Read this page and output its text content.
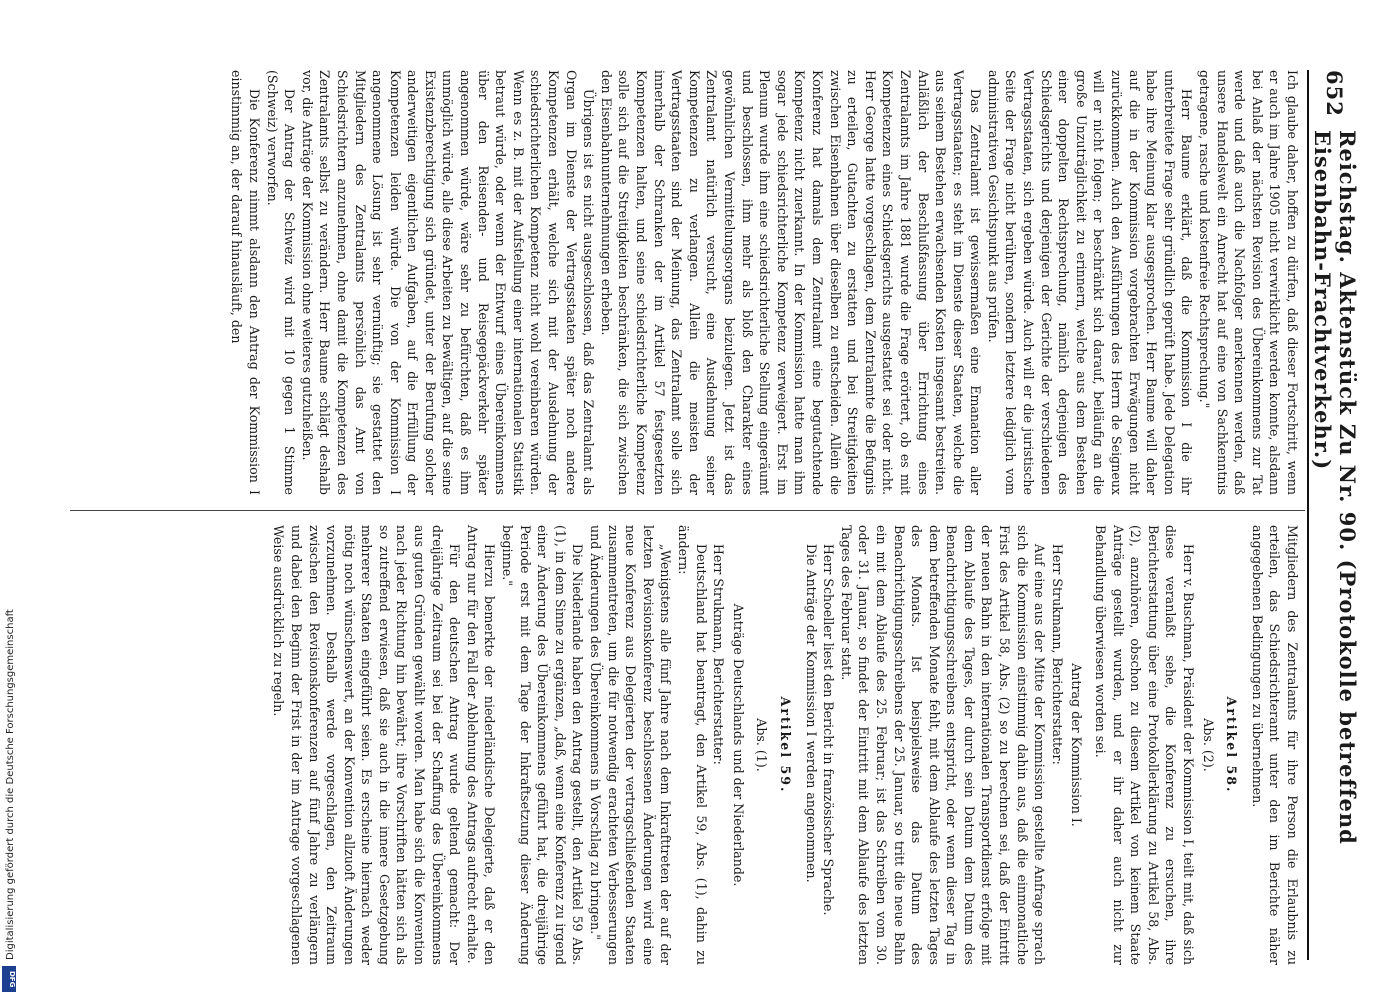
Digitalisierung gefördert durch die Deutsche Forschungsgemeinschaft
DFG
652
Reichstag. Aktenstück Zu Nr. 90. (Protokolle betreffend Eisenbahn-Frachtverkehr.)

Ich glaube daher, hoffen zu dürfen, daß dieser Fortschritt, wenn er auch im Jahre 1905 nicht verwirklicht werden konnte, alsdann bei Anlaß der nächsten Revision des Übereinkommens zur Tat werde und daß auch die Nachfolger anerkennen werden, daß unsere Handelswelt ein Anrecht hat auf eine von Sachkenntnis getragene, rasche und kostenfreie Rechtsprechung."

Herr Baume erklärt, daß die Kommission I die ihr unterbreitete Frage sehr gründlich geprüft habe. Jede Delegation habe ihre Meinung klar ausgesprochen. Herr Baume will daher auf die in der Kommission vorgebrachten Erwägungen nicht zurückkommen. Auch den Ausführungen des Herrn de Seigneux will er nicht folgen; er beschränkt sich darauf, beiläufig an die große Unzuträglichkeit zu erinnern, welche aus dem Bestehen einer doppelten Rechtsprechung, nämlich derjenigen des Schiedsgerichts und derjenigen der Gerichte der verschiedenen Vertragsstaaten, sich ergeben würde. Auch will er die juristische Seite der Frage nicht berühren, sondern letztere lediglich vom administrativen Gesichtspunkt aus prüfen.

Das Zentralamt ist gewissermaßen eine Emanation aller Vertragsstaaten; es steht im Dienste dieser Staaten, welche die aus seinem Bestehen erwachsenden Kosten insgesamt bestreiten. Anläßlich der Beschlußfassung über Errichtung eines Zentralamts im Jahre 1881 wurde die Frage erörtert, ob es mit Kompetenzen eines Schiedsgerichts ausgestattet sei oder nicht. Herr George hatte vorgeschlagen, dem Zentralamte die Befugnis zu erteilen, Gutachten zu erstatten und bei Streitigkeiten zwischen Eisenbahnen über dieselben zu entscheiden. Allein die Konferenz hat damals dem Zentralamt eine begutachtende Kompetenz nicht zuerkannt. In der Kommission hatte man ihm sogar jede schiedsrichterliche Kompetenz verweigert. Erst im Plenum wurde ihm eine schiedsrichterliche Stellung eingeräumt und beschlossen, ihm mehr als bloß den Charakter eines gewöhnlichen Vermittelungsorgans beizulegen. Jetzt ist das Zentralamt natürlich versucht, eine Ausdehnung seiner Kompetenzen zu verlangen. Allein die meisten der Vertragsstaaten sind der Meinung, das Zentralamt solle sich innerhalb der Schranken der im Artikel 57 festgesetzten Kompetenzen halten, und seine schiedsrichterliche Kompetenz solle sich auf die Streitigkeiten beschränken, die sich zwischen den Eisenbahnunternehmungen erheben.

Übrigens ist es nicht ausgeschlossen, daß das Zentralamt als Organ im Dienste der Vertragsstaaten später noch andere Kompetenzen erhält, welche sich mit der Ausdehnung der schiedsrichterlichen Kompetenz nicht wohl vereinbaren würden. Wenn es z. B. mit der Aufstellung einer internationalen Statistik betraut würde, oder wenn der Entwurf eines Übereinkommens über den Reisenden- und Reisegepäckverkehr später angenommen würde, wäre sehr zu befürchten, daß es ihm unmöglich würde, alle diese Arbeiten zu bewältigen, auf die seine Existenzberechtigung sich gründet, unter der Berufung solcher anderweitigen eigentlichen Aufgaben, auf die Erfüllung der Kompetenzen leiden würde. Die von der Kommission I angenommene Lösung ist sehr vernünftig; sie gestattet den Mitgliedern des Zentralamts persönlich das Amt von Schiedsrichtern anzunehmen, ohne damit die Kompetenzen des Zentralamts selbst zu verändern. Herr Baume schlägt deshalb vor, die Anträge der Kommission ohne weiteres gutzuheißen.

Der Antrag der Schweiz wird mit 10 gegen 1 Stimme (Schweiz) verworfen.

Die Konferenz nimmt alsdann den Antrag der Kommission I einstimmig an, der darauf hinausläuft, den

Mitgliedern des Zentralamts für ihre Person die Erlaubnis zu erteilen, das Schiedsrichteramt unter den im Berichte näher angegebenen Bedingungen zu übernehmen.

Artikel 58.

Abs. (2).

Herr v. Buschman, Präsident der Kommission I, teilt mit, daß sich diese veranlaßt sehe, die Konferenz zu ersuchen, ihre Berichterstattung über eine Protokollerklärung zu Artikel 58, Abs. (2), anzuhören, obschon zu diesem Artikel von keinem Staate Anträge gestellt wurden, und er ihr daher auch nicht zur Behandlung überwiesen worden sei.

Antrag der Kommission I.

Herr Strukmann, Berichterstatter:

Auf eine aus der Mitte der Kommission gestellte Anfrage sprach sich die Kommission einstimmig dahin aus, daß die einmonatliche Frist des Artikel 58, Abs. (2) so zu berechnen sei, daß der Eintritt der neuen Bahn in den internationalen Transportdienst erfolge mit dem Ablaufe des Tages, der durch sein Datum dem Datum des Benachrichtigungsschreibens entspricht, oder wenn dieser Tag in dem betreffenden Monate fehlt, mit dem Ablaufe des letzten Tages des Monats. Ist beispielsweise das Datum des Benachrichtigungsschreibens der 25. Januar, so tritt die neue Bahn ein mit dem Ablaufe des 25. Februar; ist das Schreiben vom 30. oder 31. Januar, so findet der Eintritt mit dem Ablaufe des letzten Tages des Februar statt.

Herr Schoeller liest den Bericht in französischer Sprache.

Die Anträge der Kommission I werden angenommen.

Artikel 59.

Abs. (1).

Anträge Deutschlands und der Niederlande.

Herr Strukmann, Berichterstatter:

Deutschland hat beantragt, den Artikel 59, Abs. (1), dahin zu ändern:

„Wenigstens alle fünf Jahre nach dem Inkrafttreten der auf der letzten Revisionskonferenz beschlossenen Änderungen wird eine neue Konferenz aus Delegierten der vertragschließenden Staaten zusammentreten, um die für notwendig erachteten Verbesserungen und Änderungen des Übereinkommens in Vorschlag zu bringen."

Die Niederlande haben den Antrag gestellt, den Artikel 59 Abs. (1), in dem Sinne zu ergänzen, „daß, wenn eine Konferenz zu irgend einer Änderung des Übereinkommens geführt hat, die dreijährige Periode erst mit dem Tage der Inkraftsetzung dieser Änderung beginne."

Hierzu bemerkte der niederländische Delegierte, daß er den Antrag nur für den Fall der Ablehnung des Antrags aufrecht erhalte.

Für den deutschen Antrag wurde geltend gemacht: Der dreijährige Zeitraum sei bei der Schaffung des Übereinkommens aus guten Gründen gewählt worden. Man habe sich die Konvention nach jeder Richtung hin bewährt; ihre Vorschriften hätten sich als so zutreffend erwiesen, daß sie auch in die innere Gesetzgebung mehrerer Staaten eingeführt seien. Es erscheine hiernach weder nötig noch wünschenswert, an der Konvention allzuoft Änderungen vorzunehmen. Deshalb werde vorgeschlagen, den Zeitraum zwischen den Revisionskonferenzen auf fünf Jahre zu verlängern und dabei den Beginn der Frist in der im Antrage vorgeschlagenen Weise ausdrücklich zu regeln.
